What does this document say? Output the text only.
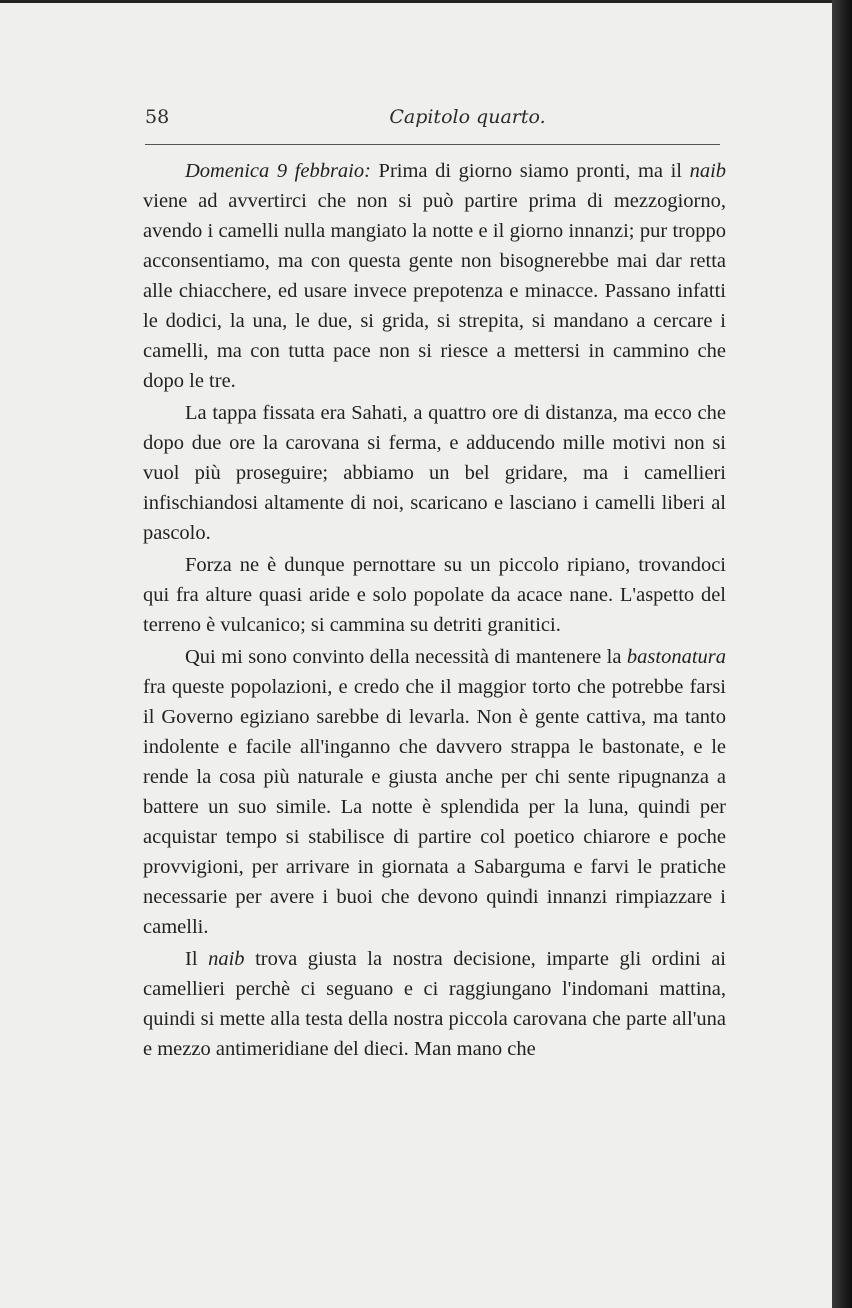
58	Capitolo quarto.

Domenica 9 febbraio: Prima di giorno siamo pronti, ma il naib viene ad avvertirci che non si può partire prima di mezzogiorno, avendo i camelli nulla mangiato la notte e il giorno innanzi; pur troppo acconsentiamo, ma con questa gente non bisognerebbe mai dar retta alle chiacchere, ed usare invece prepotenza e minacce. Passano infatti le dodici, la una, le due, si grida, si strepita, si mandano a cercare i camelli, ma con tutta pace non si riesce a mettersi in cammino che dopo le tre.

La tappa fissata era Sahati, a quattro ore di distanza, ma ecco che dopo due ore la carovana si ferma, e adducendo mille motivi non si vuol più proseguire; abbiamo un bel gridare, ma i camellieri infischiandosi altamente di noi, scaricano e lasciano i camelli liberi al pascolo.

Forza ne è dunque pernottare su un piccolo ripiano, trovandoci qui fra alture quasi aride e solo popolate da acace nane. L'aspetto del terreno è vulcanico; si cammina su detriti granitici.

Qui mi sono convinto della necessità di mantenere la bastonatura fra queste popolazioni, e credo che il maggior torto che potrebbe farsi il Governo egiziano sarebbe di levarla. Non è gente cattiva, ma tanto indolente e facile all'inganno che davvero strappa le bastonate, e le rende la cosa più naturale e giusta anche per chi sente ripugnanza a battere un suo simile. La notte è splendida per la luna, quindi per acquistar tempo si stabilisce di partire col poetico chiarore e poche provvigioni, per arrivare in giornata a Sabarguma e farvi le pratiche necessarie per avere i buoi che devono quindi innanzi rimpiazzare i camelli.

Il naib trova giusta la nostra decisione, imparte gli ordini ai camellieri perchè ci seguano e ci raggiungano l'indomani mattina, quindi si mette alla testa della nostra piccola carovana che parte all'una e mezzo antimeridiane del dieci. Man mano che
